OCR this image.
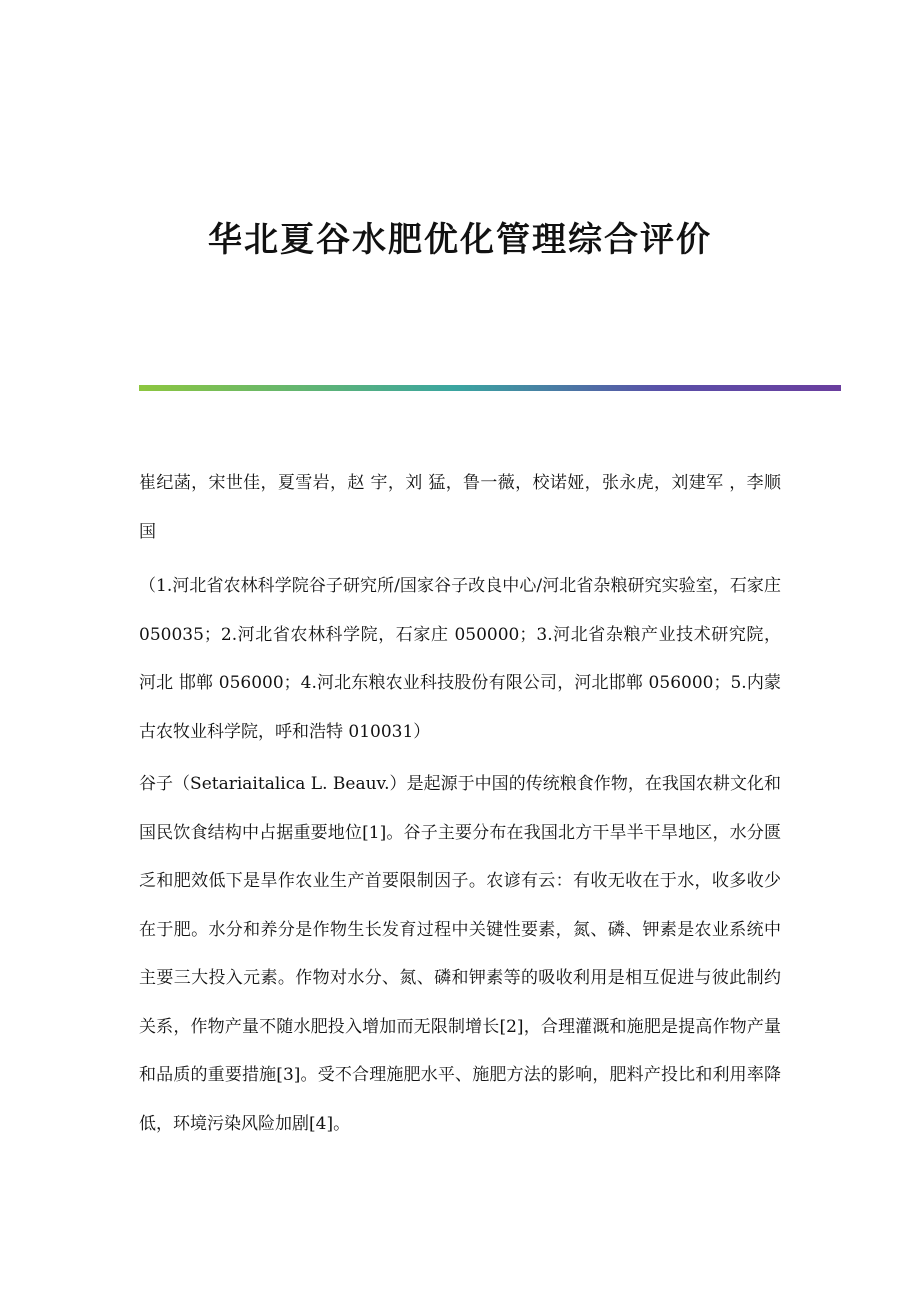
华北夏谷水肥优化管理综合评价

崔纪菡，宋世佳，夏雪岩，赵 宇，刘 猛，鲁一薇，校诺娅，张永虎，刘建军 ，李顺国

（1.河北省农林科学院谷子研究所/国家谷子改良中心/河北省杂粮研究实验室，石家庄 050035；2.河北省农林科学院，石家庄 050000；3.河北省杂粮产业技术研究院，河北 邯郸 056000；4.河北东粮农业科技股份有限公司，河北邯郸 056000；5.内蒙古农牧业科学院，呼和浩特 010031）

谷子（Setariaitalica L. Beauv.）是起源于中国的传统粮食作物，在我国农耕文化和国民饮食结构中占据重要地位[1]。谷子主要分布在我国北方干旱半干旱地区，水分匮乏和肥效低下是旱作农业生产首要限制因子。农谚有云：有收无收在于水，收多收少在于肥。水分和养分是作物生长发育过程中关键性要素，氮、磷、钾素是农业系统中主要三大投入元素。作物对水分、氮、磷和钾素等的吸收利用是相互促进与彼此制约关系，作物产量不随水肥投入增加而无限制增长[2]，合理灌溉和施肥是提高作物产量和品质的重要措施[3]。受不合理施肥水平、施肥方法的影响，肥料产投比和利用率降低，环境污染风险加剧[4]。
